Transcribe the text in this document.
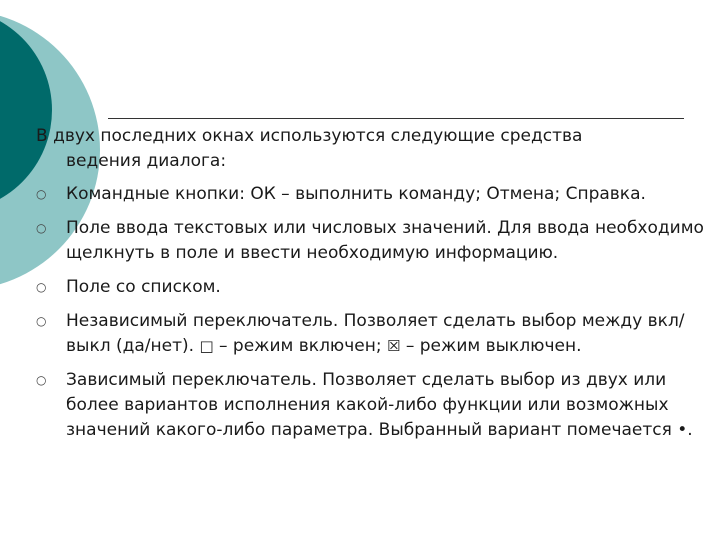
В двух последних окнах используются следующие средства
ведения диалога:

○ Командные кнопки: ОК – выполнить команду; Отмена; Справка.
○ Поле ввода текстовых или числовых значений. Для ввода необходимо щелкнуть в поле и ввести необходимую информацию.
○ Поле со списком.
○ Независимый переключатель. Позволяет сделать выбор между вкл/выкл (да/нет). □ – режим включен; ☒ – режим выключен.
○ Зависимый переключатель. Позволяет сделать выбор из двух или более вариантов исполнения какой-либо функции или возможных значений какого-либо параметра. Выбранный вариант помечается •.
